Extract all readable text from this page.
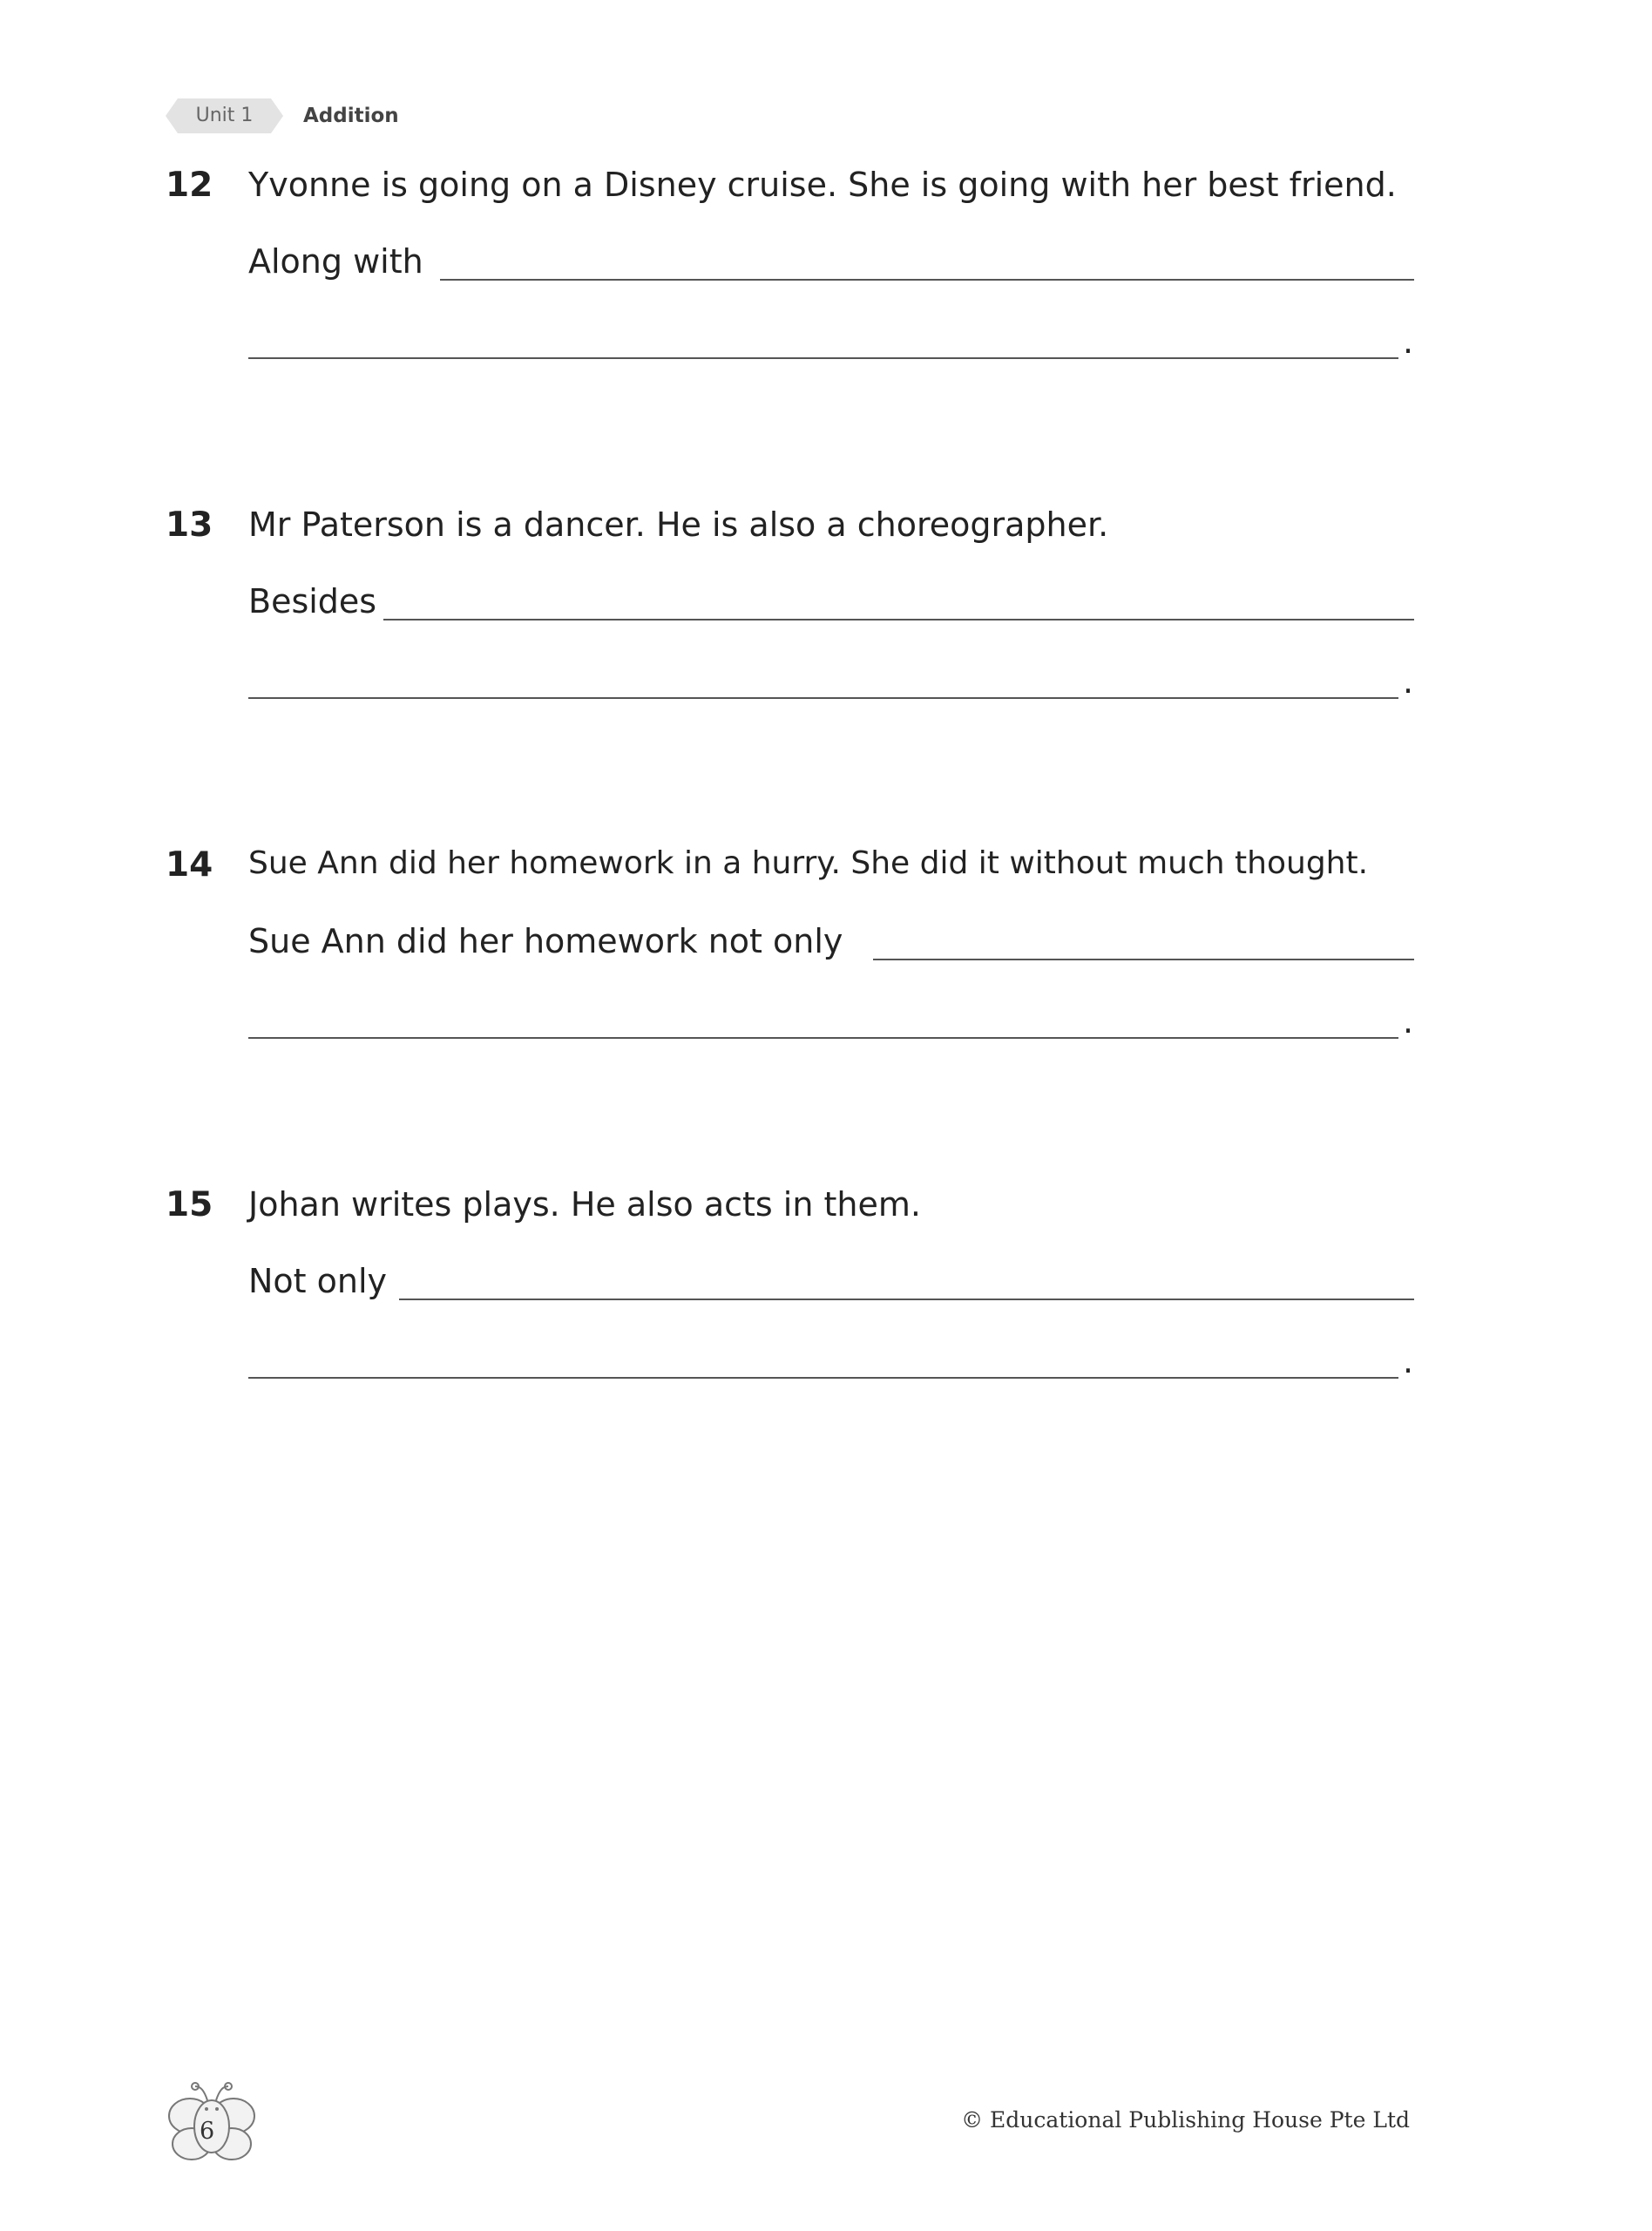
Unit 1	Addition
12 Yvonne is going on a Disney cruise. She is going with her best friend.
Along with
.
13 Mr Paterson is a dancer. He is also a choreographer.
Besides
.
14 Sue Ann did her homework in a hurry. She did it without much thought.
Sue Ann did her homework not only
.
15 Johan writes plays. He also acts in them.
Not only
.
6	© Educational Publishing House Pte Ltd
